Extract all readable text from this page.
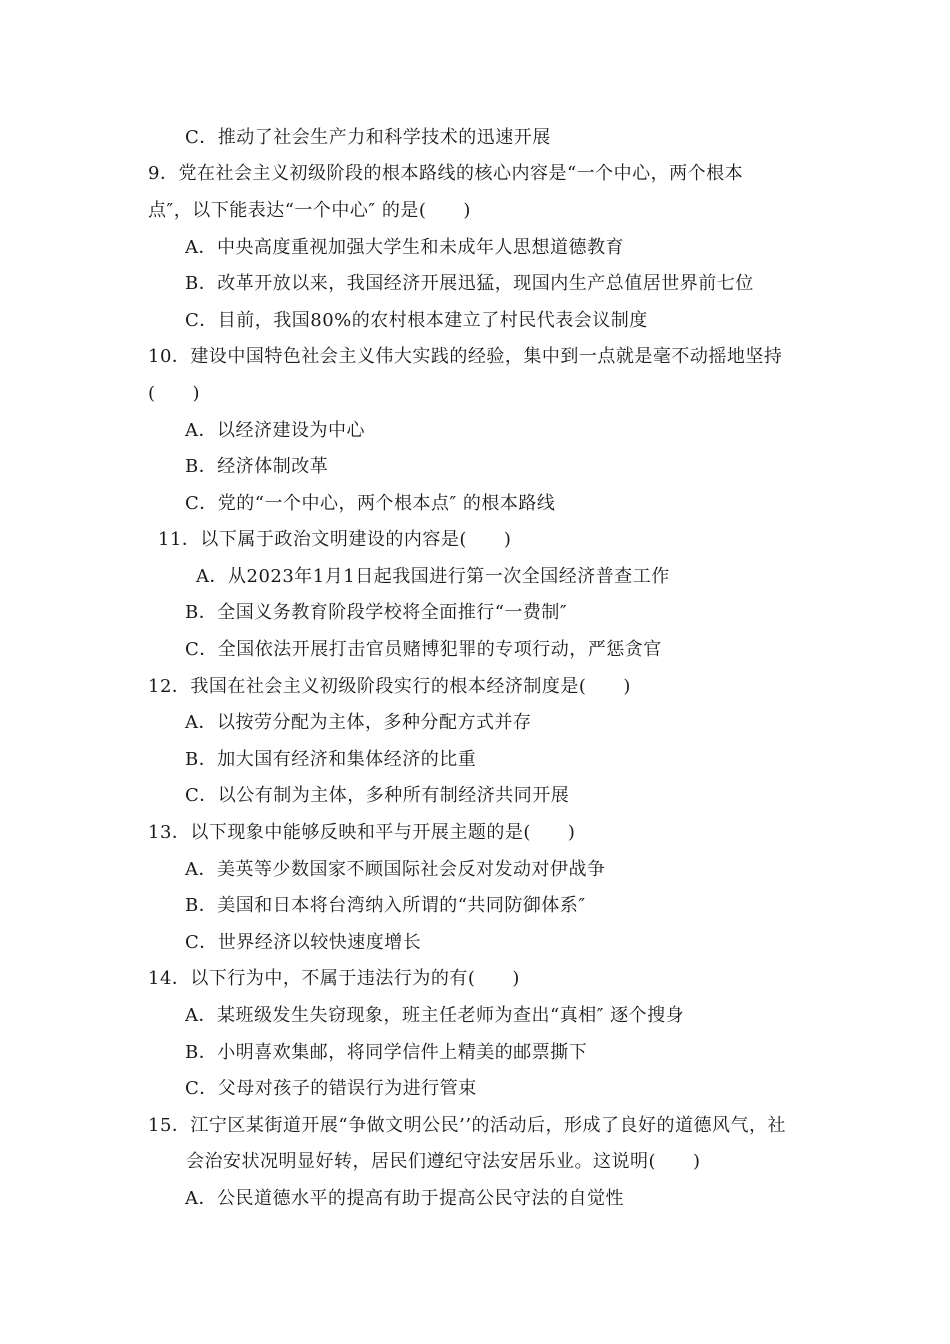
C．推动了社会生产力和科学技术的迅速开展
9．党在社会主义初级阶段的根本路线的核心内容是“一个中心，两个根本
点″，以下能表达“一个中心″ 的是(　　)
A．中央高度重视加强大学生和未成年人思想道德教育
B．改革开放以来，我国经济开展迅猛，现国内生产总值居世界前七位
C．目前，我国80%的农村根本建立了村民代表会议制度
10．建设中国特色社会主义伟大实践的经验，集中到一点就是毫不动摇地坚持
(　　)
A．以经济建设为中心
B．经济体制改革
C．党的“一个中心，两个根本点″ 的根本路线
11．以下属于政治文明建设的内容是(　　)
A．从2023年1月1日起我国进行第一次全国经济普查工作
B．全国义务教育阶段学校将全面推行“一费制″
C．全国依法开展打击官员赌博犯罪的专项行动，严惩贪官
12．我国在社会主义初级阶段实行的根本经济制度是(　　)
A．以按劳分配为主体，多种分配方式并存
B．加大国有经济和集体经济的比重
C．以公有制为主体，多种所有制经济共同开展
13．以下现象中能够反映和平与开展主题的是(　　)
A．美英等少数国家不顾国际社会反对发动对伊战争
B．美国和日本将台湾纳入所谓的“共同防御体系″
C．世界经济以较快速度增长
14．以下行为中，不属于违法行为的有(　　)
A．某班级发生失窃现象，班主任老师为查出“真相″ 逐个搜身
B．小明喜欢集邮，将同学信件上精美的邮票撕下
C．父母对孩子的错误行为进行管束
15．江宁区某街道开展“争做文明公民’’的活动后，形成了良好的道德风气，社
会治安状况明显好转，居民们遵纪守法安居乐业。这说明(　　)
A．公民道德水平的提高有助于提高公民守法的自觉性
